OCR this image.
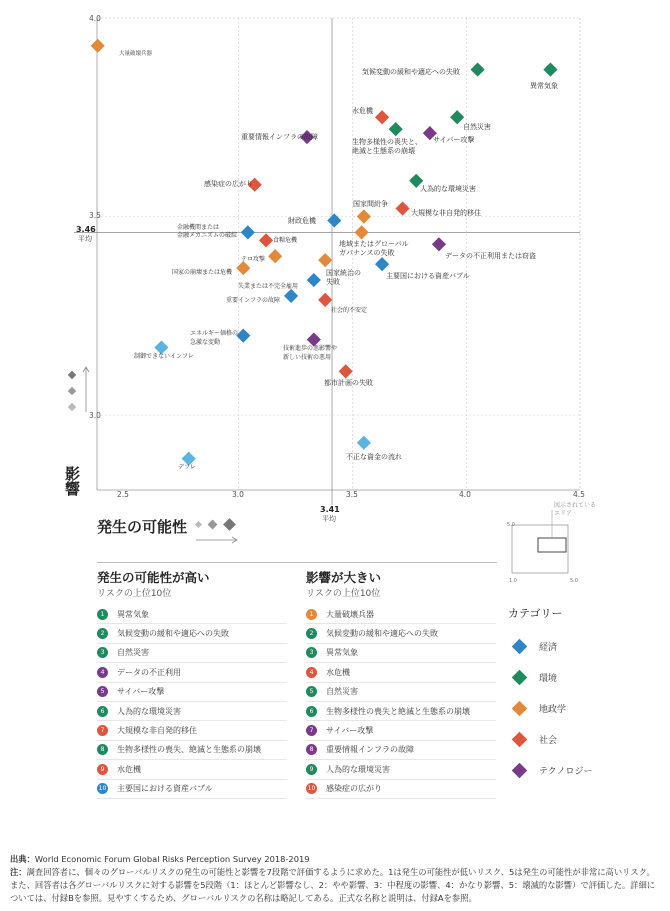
大量破壊兵器
気候変動の緩和や適応への失敗
異常気象
自然災害
水危機
生物多様性の喪失と、
絶滅と生態系の崩壊
サイバー攻撃
重要情報インフラの故障
人為的な環境災害
感染症の広がり
国家間紛争
大規模な非自発的移住
財政危機
金融機関または
金融メカニズムの破綻
地域またはグローバル
ガバナンスの失敗
食糧危機
データの不正利用または窃盗
テロ攻撃
国家統治の
失敗
主要国における資産バブル
国家の崩壊または危機
失業または不完全雇用
重要インフラの故障
社会的不安定
エネルギー価格の
急激な変動
技術進歩の悪影響や
新しい技術の悪用
制御できないインフレ
都市計画の失敗
不正な資金の流れ
デフレ
2.5	3.0	3.5	4.0	4.5
3.0
3.5
4.0
3.46
平均
3.41
平均
影響
発生の可能性	5.0
1.0	5.0
図示されている
エリア
発生の可能性が高い
リスクの上位10位
1	異常気象
2	気候変動の緩和や適応への失敗
3	自然災害
4	データの不正利用
5	サイバー攻撃
6	人為的な環境災害
7	大規模な非自発的移住
8	生物多様性の喪失、絶滅と生態系の崩壊
9	水危機
10 主要国における資産バブル
影響が大きい
リスクの上位10位
1	大量破壊兵器
2	気候変動の緩和や適応への失敗
3	異常気象
4	水危機
5	自然災害
6	生物多様性の喪失と絶滅と生態系の崩壊
7	サイバー攻撃
8	重要情報インフラの故障
9	人為的な環境災害
10 感染症の広がり
カテゴリー
経済
環境
地政学
社会
テクノロジー
出典：World Economic Forum Global Risks Perception Survey 2018-2019
注：調査回答者に、個々のグローバルリスクの発生の可能性と影響を7段階で評価するように求めた。1は発生の可能性が低いリスク、5は発生の可能性が非常に高いリスク。また、回答者は各グローバルリスクに対する影響を5段階（1：ほとんど影響なし、2：やや影響、3：中程度の影響、4：かなり影響、5：壊滅的な影響）で評価した。詳細については、付録Bを参照。見やすくするため、グローバルリスクの名称は略記してある。正式な名称と説明は、付録Aを参照。
